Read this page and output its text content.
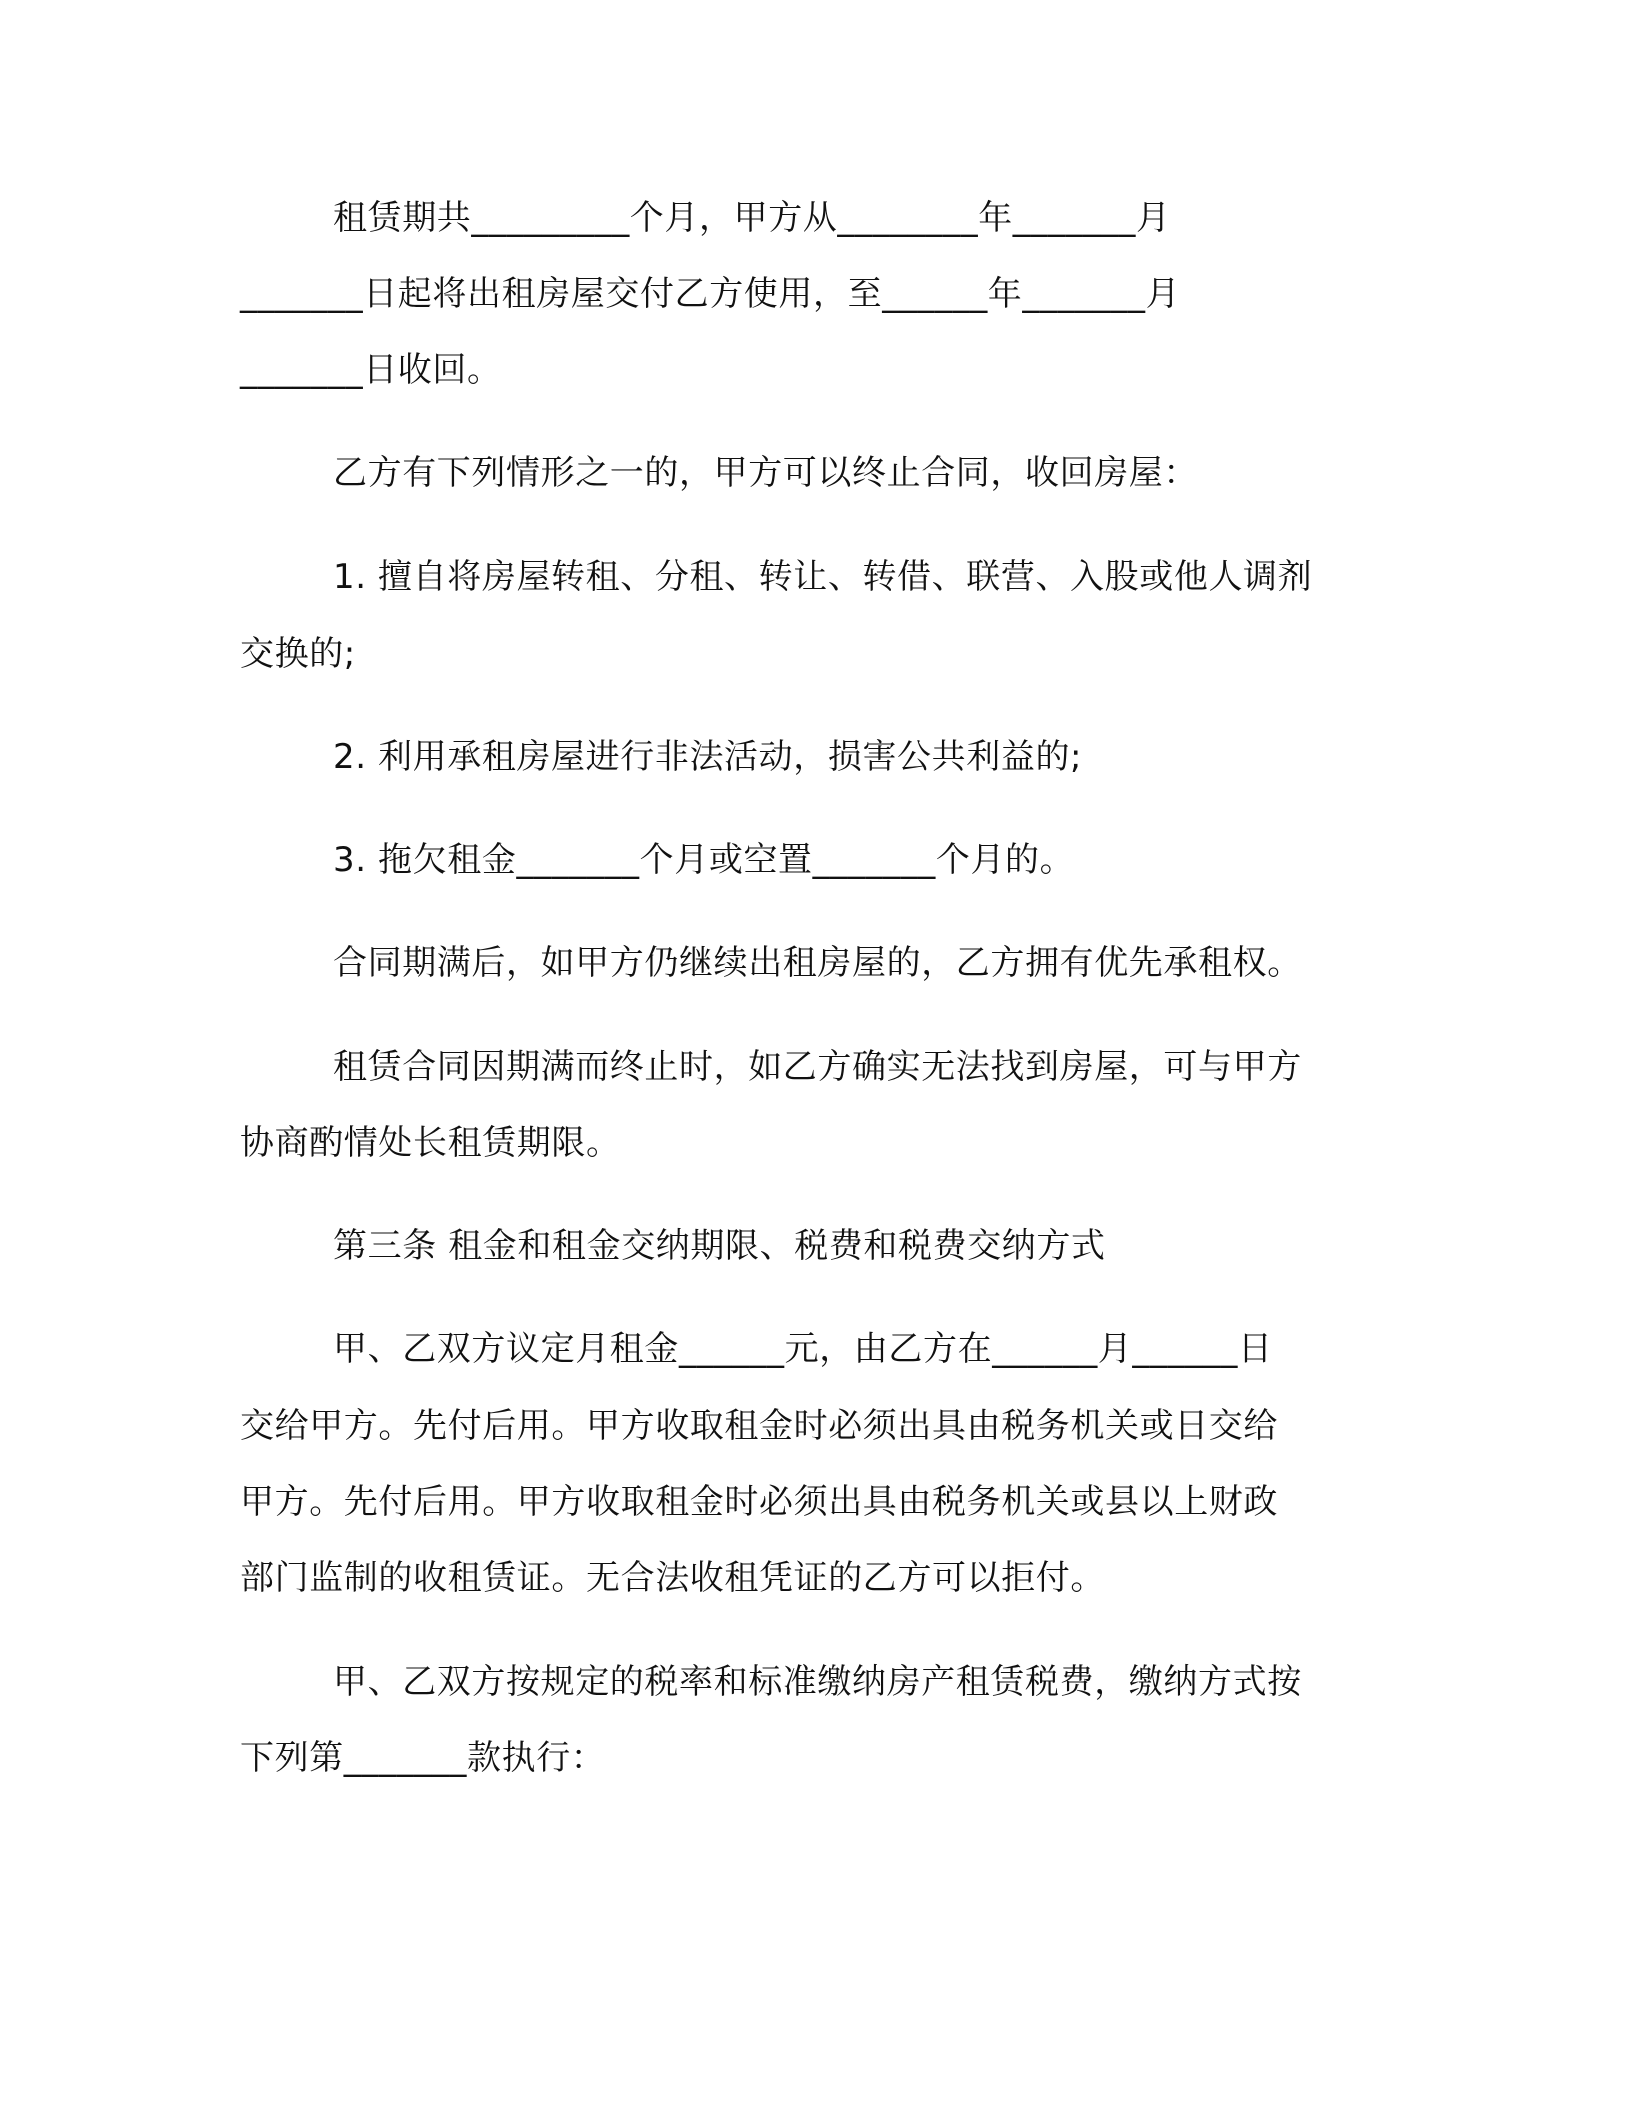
租赁期共_________个月，甲方从________年_______月
_______日起将出租房屋交付乙方使用，至______年_______月
_______日收回。
乙方有下列情形之一的，甲方可以终止合同，收回房屋：
1. 擅自将房屋转租、分租、转让、转借、联营、入股或他人调剂
交换的;
2. 利用承租房屋进行非法活动，损害公共利益的;
3. 拖欠租金_______个月或空置_______个月的。
合同期满后，如甲方仍继续出租房屋的，乙方拥有优先承租权。
租赁合同因期满而终止时，如乙方确实无法找到房屋，可与甲方
协商酌情处长租赁期限。
第三条 租金和租金交纳期限、税费和税费交纳方式
甲、乙双方议定月租金______元，由乙方在______月______日
交给甲方。先付后用。甲方收取租金时必须出具由税务机关或日交给
甲方。先付后用。甲方收取租金时必须出具由税务机关或县以上财政
部门监制的收租赁证。无合法收租凭证的乙方可以拒付。
甲、乙双方按规定的税率和标准缴纳房产租赁税费，缴纳方式按
下列第_______款执行：
